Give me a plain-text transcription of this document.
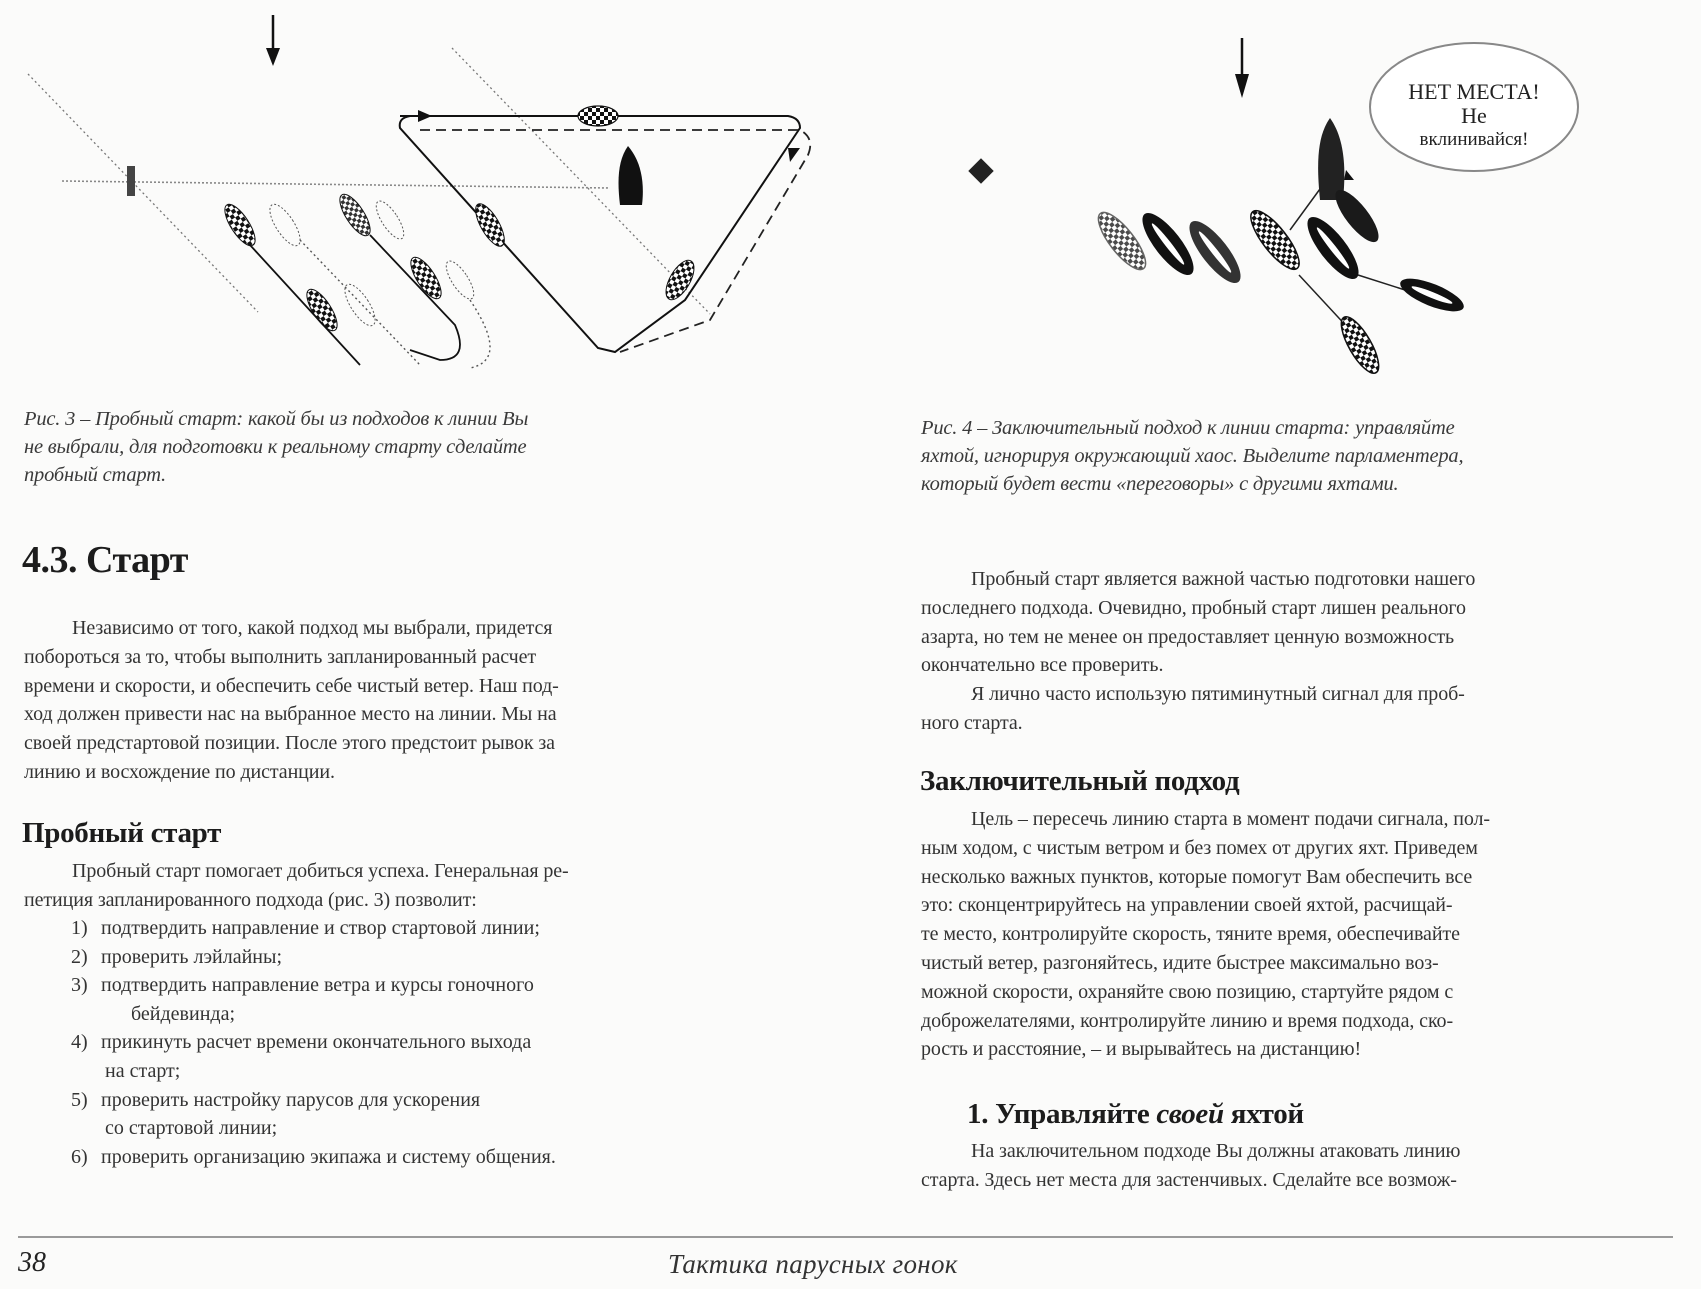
НЕТ МЕСТА!
Не
вклинивайся!
Рис. 3 – Пробный старт: какой бы из подходов к линии Вы
не выбрали, для подготовки к реальному старту сделайте
пробный старт.
Рис. 4 – Заключительный подход к линии старта: управляйте
яхтой, игнорируя окружающий хаос. Выделите парламентера,
который будет вести «переговоры» с другими яхтами.
4.3. Старт
Независимо от того, какой подход мы выбрали, придется
побороться за то, чтобы выполнить запланированный расчет
времени и скорости, и обеспечить себе чистый ветер. Наш под-
ход должен привести нас на выбранное место на линии. Мы на
своей предстартовой позиции. После этого предстоит рывок за
линию и восхождение по дистанции.
Пробный старт
Пробный старт помогает добиться успеха. Генеральная ре-
петиция запланированного подхода (рис. 3) позволит:
1) подтвердить направление и створ стартовой линии;
2) проверить лэйлайны;
3) подтвердить направление ветра и курсы гоночного
бейдевинда;
4) прикинуть расчет времени окончательного выхода
на старт;
5) проверить настройку парусов для ускорения
со стартовой линии;
6) проверить организацию экипажа и систему общения.
Пробный старт является важной частью подготовки нашего
последнего подхода. Очевидно, пробный старт лишен реального
азарта, но тем не менее он предоставляет ценную возможность
окончательно все проверить.
Я лично часто использую пятиминутный сигнал для проб-
ного старта.
Заключительный подход
Цель – пересечь линию старта в момент подачи сигнала, пол-
ным ходом, с чистым ветром и без помех от других яхт. Приведем
несколько важных пунктов, которые помогут Вам обеспечить все
это: сконцентрируйтесь на управлении своей яхтой, расчищай-
те место, контролируйте скорость, тяните время, обеспечивайте
чистый ветер, разгоняйтесь, идите быстрее максимально воз-
можной скорости, охраняйте свою позицию, стартуйте рядом с
доброжелателями, контролируйте линию и время подхода, ско-
рость и расстояние, – и вырывайтесь на дистанцию!
1. Управляйте своей яхтой
На заключительном подходе Вы должны атаковать линию
старта. Здесь нет места для застенчивых. Сделайте все возмож-
38	Тактика парусных гонок
